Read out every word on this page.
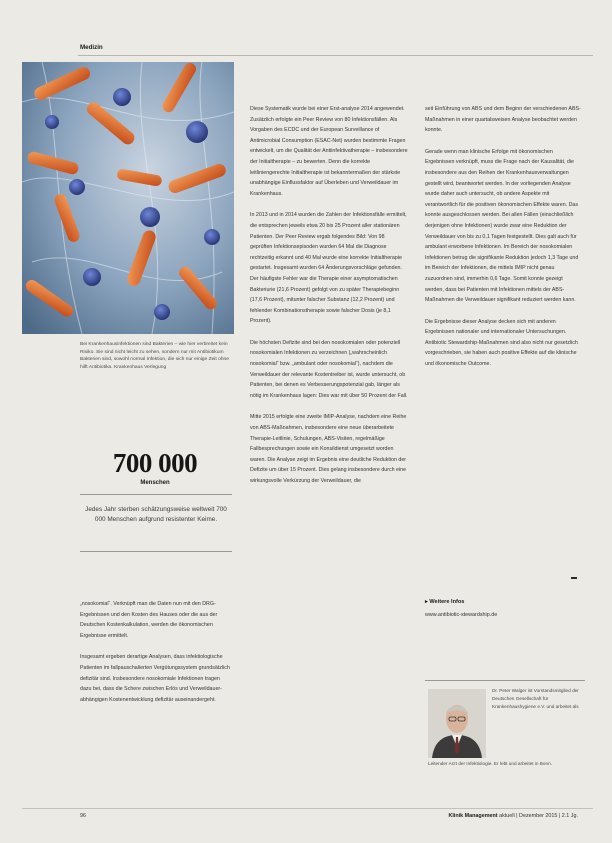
Medizin
Bei Krankenhausinfektionen sind Bakterien – wie hier verbreitet kein Risiko. Sie sind nicht leicht zu sehen, sondern nur mit Antibiotikum Bakterien sind, sowohl normal Infektion, die sich nur einige Zeit ohne hilft Antibiotika. Krankenhaus Verlegung
700 000
Menschen
Jedes Jahr sterben schätzungsweise weltweit 700 000 Menschen aufgrund resistenter Keime.

„nosokomial“. Verknüpft man die Daten nun mit den DRG-Ergebnissen und den Kosten des Hauses oder die aus der Deutschen Kostenkalkulation, werden die ökonomischen Ergebnisse ermittelt.

Insgesamt ergeben derartige Analysen, dass infektiologische Patienten im fallpauschalierten Vergütungssystem grundsätzlich defizitär sind. Insbesondere nosokomiale Infektionen tragen dazu bei, dass die Schere zwischen Erlös und Verweildauer-abhängigen Kostenentwicklung defizitär auseinandergeht.

Diese Systematik wurde bei einer Erst-analyse 2014 angewendet. Zusätzlich erfolgte ein Peer Review von 80 Infektionsfällen. Als Vorgaben des ECDC und der European Surveillance of Antimicrobial Consumption (ESAC-Net) wurden bestimmte Fragen entwickelt, um die Qualität der Antiinfektivatherapie – insbesondere der Initialtherapie – zu bewerten. Denn die korrekte leitliniengerechte Initialtherapie ist bekanntermaßen der stärkste unabhängige Einflussfaktor auf Überleben und Verweildauer im Krankenhaus.

In 2013 und in 2014 wurden die Zahlen der Infektionsfälle ermittelt, die entsprechen jeweils etwa 20 bis 25 Prozent aller stationären Patienten. Der Peer Review ergab folgendes Bild: Von 98 geprüften Infektionsepisoden wurden 64 Mal die Diagnose rechtzeitig erkannt und 40 Mal wurde eine korrekte Initialtherapie gestartet. Insgesamt wurden 64 Änderungsvorschläge gefunden. Der häufigste Fehler war die Therapie einer asymptomatischen Bakteriurie (21,6 Prozent) gefolgt von zu später Therapiebeginn (17,6 Prozent), mitunter falscher Substanz (12,2 Prozent) und fehlender Kombinationstherapie sowie falscher Dosis (je 8,1 Prozent).

Die höchsten Defizite sind bei den nosokomialen oder potenziell nosokomialen Infektionen zu verzeichnen („wahrscheinlich nosokomial“ bzw. „ambulant oder nosokomial“), nachdem die Verweildauer der relevante Kostentreiber ist, wurde untersucht, ob Patienten, bei denen es Verbesserungspotenzial gab, länger als nötig im Krankenhaus lagen: Dies war mit über 50 Prozent der Fall.

Mitte 2015 erfolgte eine zweite IMIP-Analyse, nachdem eine Reihe von ABS-Maßnahmen, insbesondere eine neue überarbeitete Therapie-Leitlinie, Schulungen, ABS-Visiten, regelmäßige Fallbesprechungen sowie ein Konsildienst umgesetzt worden waren. Die Analyse zeigt im Ergebnis eine deutliche Reduktion der Defizite um über 15 Prozent. Dies gelang insbesondere durch eine wirkungsvolle Verkürzung der Verweildauer, die

seit Einführung von ABS und dem Beginn der verschiedenen ABS-Maßnahmen in einer quartalsweisen Analyse beobachtet werden konnte.

Gerade wenn man klinische Erfolge mit ökonomischen Ergebnissen verknüpft, muss die Frage nach der Kausalität, die insbesondere aus den Reihen der Krankenhausverwaltungen gestellt wird, beantwortet werden. In der vorliegenden Analyse wurde daher auch untersucht, ob andere Aspekte mit verantwortlich für die positiven ökonomischen Effekte waren. Das konnte ausgeschlossen werden. Bei allen Fällen (einschließlich derjenigen ohne Infektionen) wurde zwar eine Reduktion der Verweildauer von bis zu 0,1 Tagen festgestellt. Dies galt auch für ambulant erworbene Infektionen. Im Bereich der nosokomialen Infektionen betrug die signifikante Reduktion jedoch 1,3 Tage und im Bereich der Infektionen, die mittels IMIP nicht genau zuzuordnen sind, immerhin 0,6 Tage. Somit konnte gezeigt werden, dass bei Patienten mit Infektionen mittels der ABS-Maßnahmen die Verweildauer signifikant reduziert werden kann.

Die Ergebnisse dieser Analyse decken sich mit anderen Ergebnissen nationaler und internationaler Untersuchungen. Antibiotic Stewardship-Maßnahmen sind also nicht nur gesetzlich vorgeschrieben, sie haben auch positive Effekte auf die klinische und ökonomische Outcome.

▸ Weitere Infos
www.antibiotic-stewardship.de
Dr. Peter Walger ist Vorstandsmitglied der Deutschen Gesellschaft für Krankenhaushygiene e.V. und arbeitet als
Leitender Arzt der Infektiologie. Er lebt und arbeitet in Bonn.
96	Klinik Management aktuell | Dezember 2015 | 2.1 Jg.
